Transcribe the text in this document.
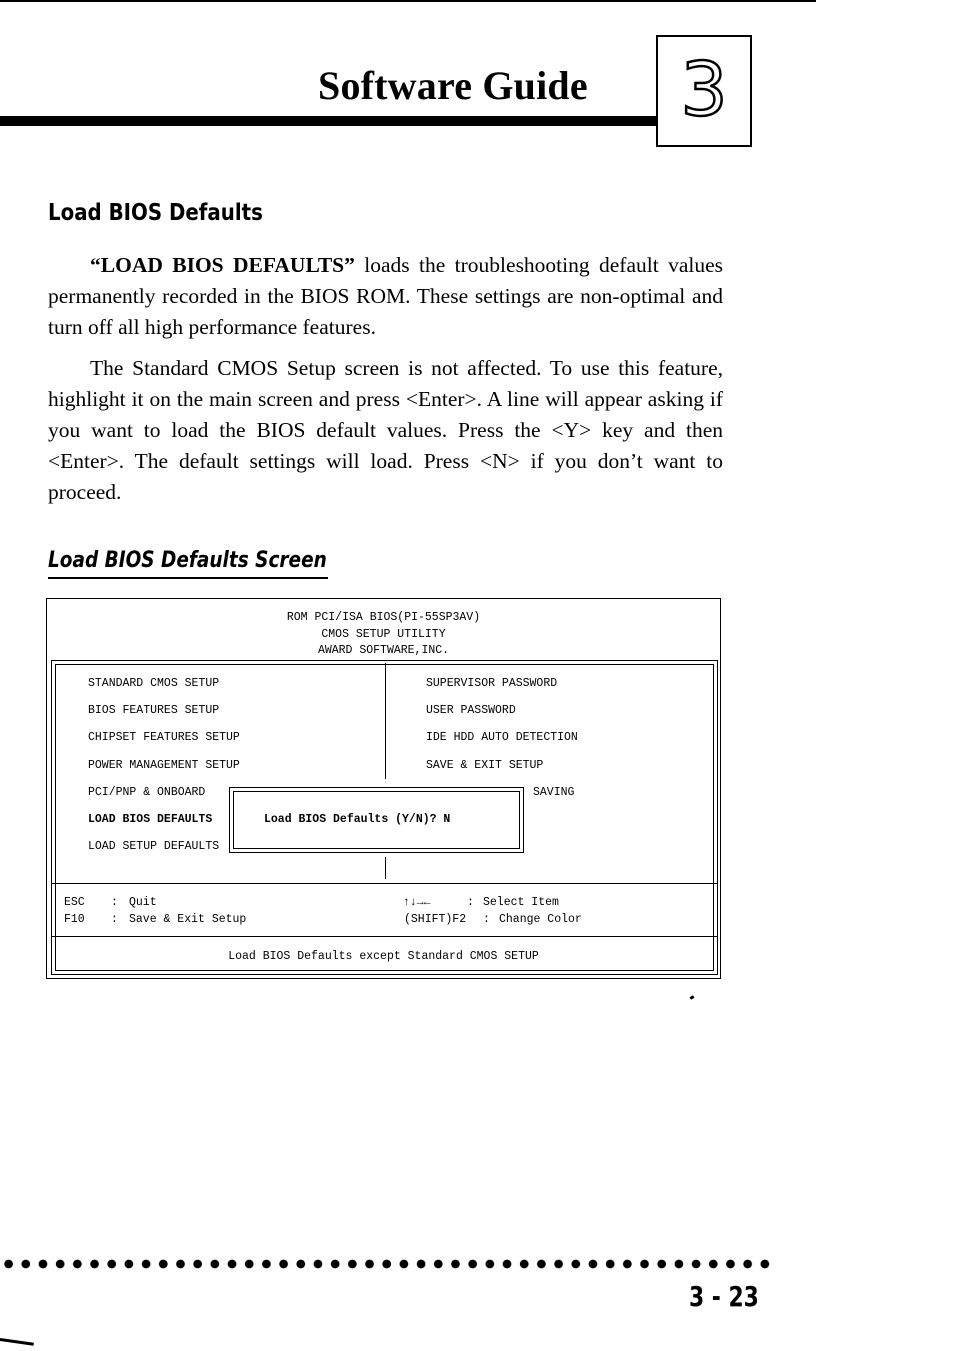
Software Guide	3
Load BIOS Defaults

“LOAD BIOS DEFAULTS” loads the troubleshooting default values permanently recorded in the BIOS ROM. These settings are non-optimal and turn off all high performance features.

The Standard CMOS Setup screen is not affected. To use this feature, highlight it on the main screen and press <Enter>. A line will appear asking if you want to load the BIOS default values. Press the <Y> key and then <Enter>. The default settings will load. Press <N> if you don’t want to proceed.

Load BIOS Defaults Screen
ROM PCI/ISA BIOS(PI-55SP3AV)
CMOS SETUP UTILITY
AWARD SOFTWARE,INC.
STANDARD CMOS SETUP
BIOS FEATURES SETUP
CHIPSET FEATURES SETUP
POWER MANAGEMENT SETUP
PCI/PNP & ONBOARD
LOAD BIOS DEFAULTS
LOAD SETUP DEFAULTS
SUPERVISOR PASSWORD
USER PASSWORD
IDE HDD AUTO DETECTION
SAVE & EXIT SETUP
SAVING
Load BIOS Defaults (Y/N)? N
ESC : Quit
F10 : Save & Exit Setup
↑↓→←	: Select Item
(SHIFT)F2 : Change Color
Load BIOS Defaults except Standard CMOS SETUP
3 - 23
